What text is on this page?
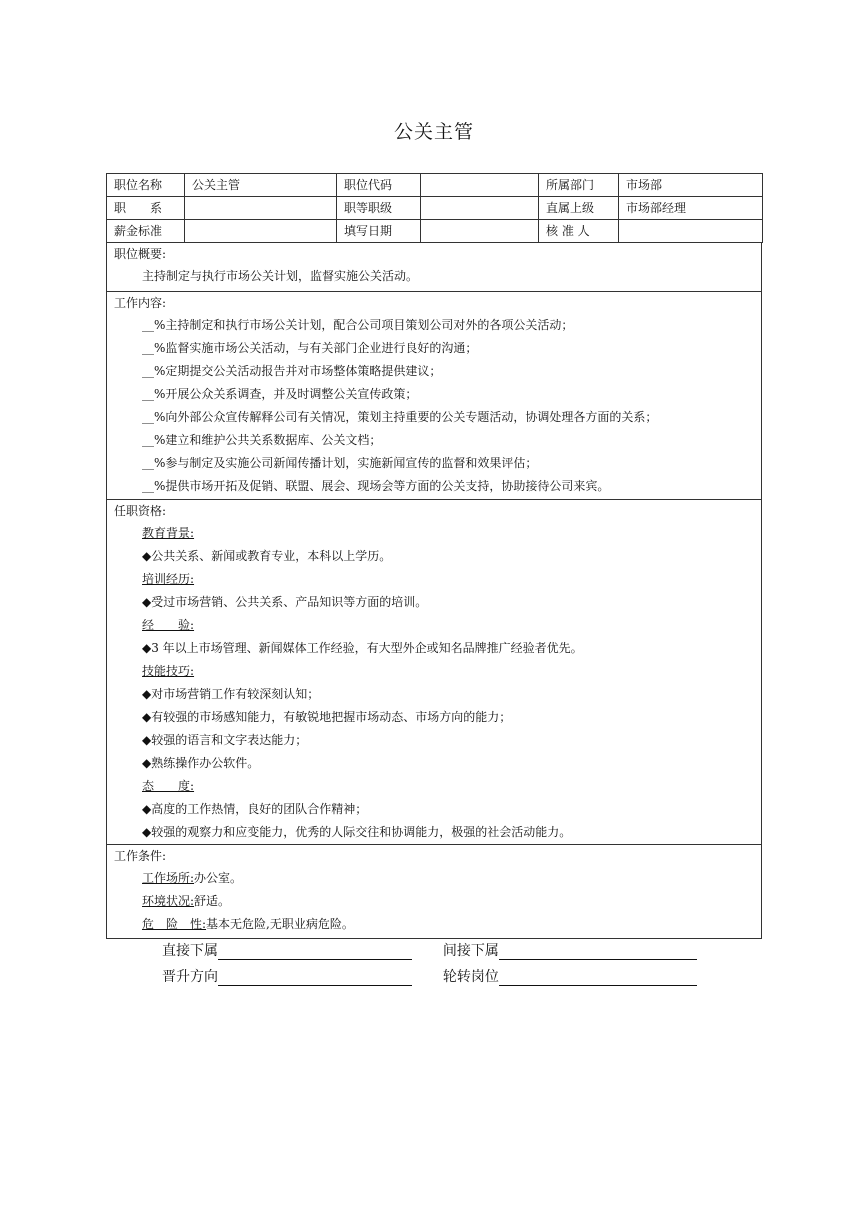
公关主管
职位名称	公关主管	职位代码		所属部门	市场部
职　　系		职等职级		直属上级	市场部经理
薪金标准		填写日期		核 准 人	
职位概要:
主持制定与执行市场公关计划，监督实施公关活动。
工作内容:
__%主持制定和执行市场公关计划，配合公司项目策划公司对外的各项公关活动；
__%监督实施市场公关活动，与有关部门企业进行良好的沟通；
__%定期提交公关活动报告并对市场整体策略提供建议；
__%开展公众关系调查，并及时调整公关宣传政策；
__%向外部公众宣传解释公司有关情况，策划主持重要的公关专题活动，协调处理各方面的关系；
__%建立和维护公共关系数据库、公关文档；
__%参与制定及实施公司新闻传播计划，实施新闻宣传的监督和效果评估；
__%提供市场开拓及促销、联盟、展会、现场会等方面的公关支持，协助接待公司来宾。
任职资格:
教育背景:
◆公共关系、新闻或教育专业，本科以上学历。
培训经历:
◆受过市场营销、公共关系、产品知识等方面的培训。
经　　验:
◆3 年以上市场管理、新闻媒体工作经验，有大型外企或知名品牌推广经验者优先。
技能技巧:
◆对市场营销工作有较深刻认知；
◆有较强的市场感知能力，有敏锐地把握市场动态、市场方向的能力；
◆较强的语言和文字表达能力；
◆熟练操作办公软件。
态　　度:
◆高度的工作热情，良好的团队合作精神；
◆较强的观察力和应变能力，优秀的人际交往和协调能力，极强的社会活动能力。
工作条件:
工作场所:办公室。
环境状况:舒适。
危　险　性:基本无危险,无职业病危险。
直接下属	间接下属
晋升方向	轮转岗位
